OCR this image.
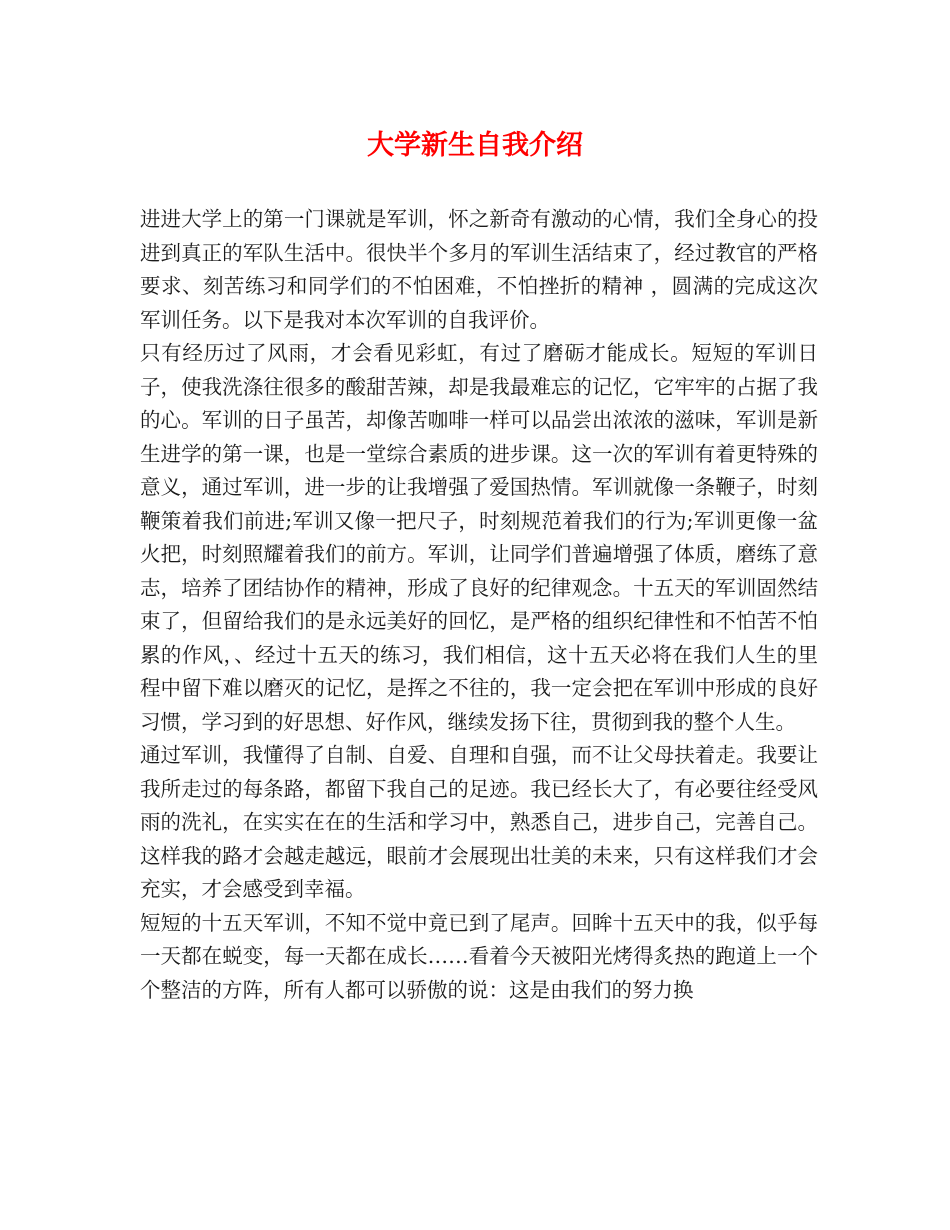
大学新生自我介绍

进进大学上的第一门课就是军训，怀之新奇有激动的心情，我们全身心的投进到真正的军队生活中。很快半个多月的军训生活结束了，经过教官的严格要求、刻苦练习和同学们的不怕困难，不怕挫折的精神 ，圆满的完成这次军训任务。以下是我对本次军训的自我评价。

只有经历过了风雨，才会看见彩虹，有过了磨砺才能成长。短短的军训日子，使我洗涤往很多的酸甜苦辣，却是我最难忘的记忆，它牢牢的占据了我的心。军训的日子虽苦，却像苦咖啡一样可以品尝出浓浓的滋味，军训是新生进学的第一课，也是一堂综合素质的进步课。这一次的军训有着更特殊的意义，通过军训，进一步的让我增强了爱国热情。军训就像一条鞭子，时刻鞭策着我们前进;军训又像一把尺子，时刻规范着我们的行为;军训更像一盆火把，时刻照耀着我们的前方。军训，让同学们普遍增强了体质，磨练了意志，培养了团结协作的精神，形成了良好的纪律观念。十五天的军训固然结束了，但留给我们的是永远美好的回忆，是严格的组织纪律性和不怕苦不怕累的作风，、经过十五天的练习，我们相信，这十五天必将在我们人生的里程中留下难以磨灭的记忆，是挥之不往的，我一定会把在军训中形成的良好习惯，学习到的好思想、好作风，继续发扬下往，贯彻到我的整个人生。

通过军训，我懂得了自制、自爱、自理和自强，而不让父母扶着走。我要让我所走过的每条路，都留下我自己的足迹。我已经长大了，有必要往经受风雨的洗礼，在实实在在的生活和学习中，熟悉自己，进步自己，完善自己。这样我的路才会越走越远，眼前才会展现出壮美的未来，只有这样我们才会充实，才会感受到幸福。

短短的十五天军训，不知不觉中竟已到了尾声。回眸十五天中的我，似乎每一天都在蜕变，每一天都在成长……看着今天被阳光烤得炙热的跑道上一个个整洁的方阵，所有人都可以骄傲的说：这是由我们的努力换
